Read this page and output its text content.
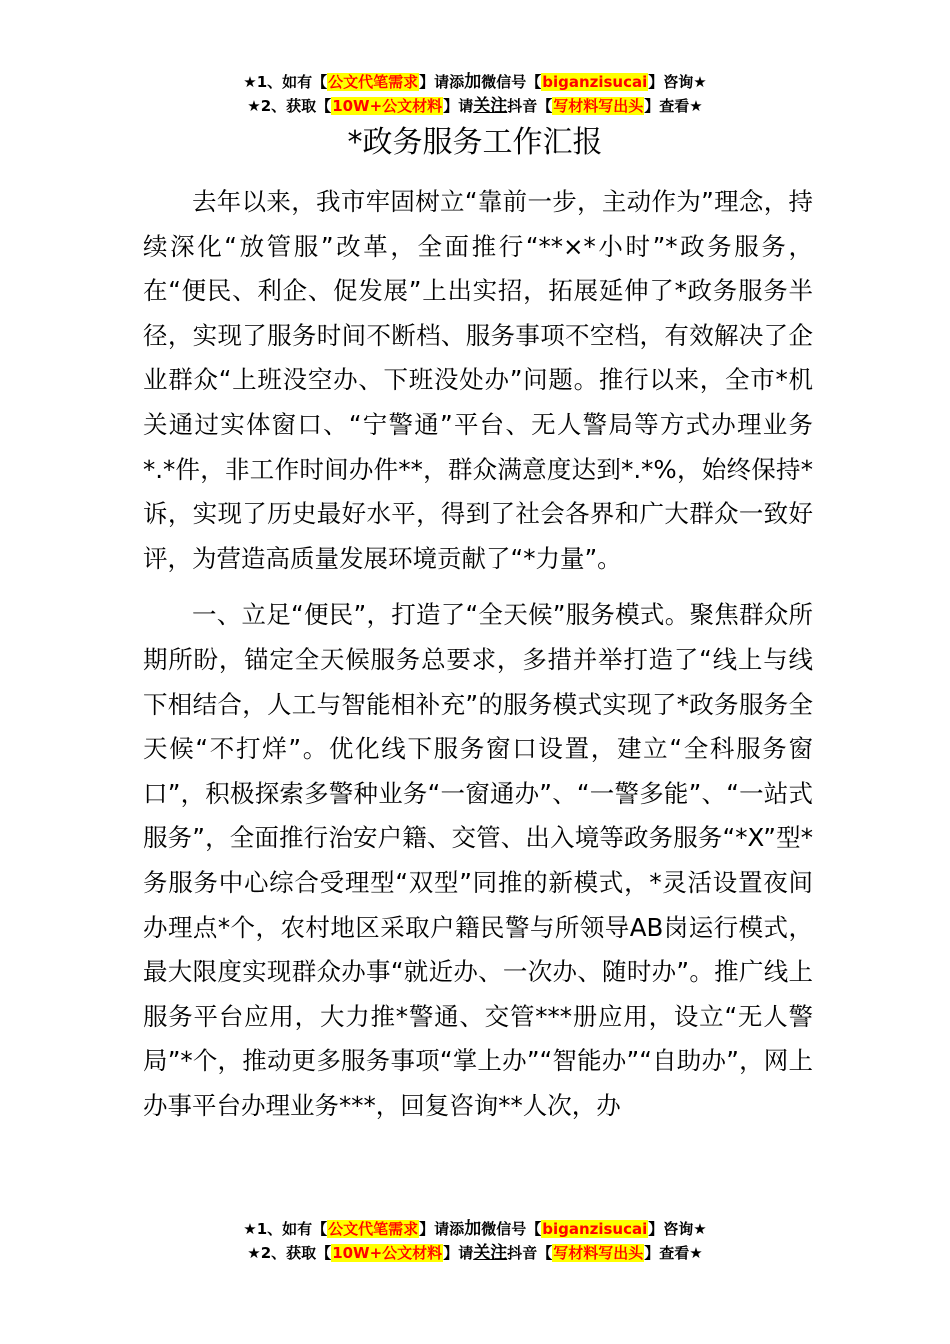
★1、如有【公文代笔需求】请添加微信号【biganzisucai】咨询★
★2、获取【10W+公文材料】请关注抖音【写材料写出头】查看★
*政务服务工作汇报

去年以来，我市牢固树立“靠前一步，主动作为”理念，持续深化“放管服”改革，全面推行“**×*小时”*政务服务，在“便民、利企、促发展”上出实招，拓展延伸了*政务服务半径，实现了服务时间不断档、服务事项不空档，有效解决了企业群众“上班没空办、下班没处办”问题。推行以来，全市*机关通过实体窗口、“宁警通”平台、无人警局等方式办理业务*.*件，非工作时间办件**，群众满意度达到*.*%，始终保持*诉，实现了历史最好水平，得到了社会各界和广大群众一致好评，为营造高质量发展环境贡献了“*力量”。

一、立足“便民”，打造了“全天候”服务模式。聚焦群众所期所盼，锚定全天候服务总要求，多措并举打造了“线上与线下相结合，人工与智能相补充”的服务模式实现了*政务服务全天候“不打烊”。优化线下服务窗口设置，建立“全科服务窗口”，积极探索多警种业务“一窗通办”、“一警多能”、“一站式服务”，全面推行治安户籍、交管、出入境等政务服务“*X”型*务服务中心综合受理型“双型”同推的新模式，*灵活设置夜间办理点*个，农村地区采取户籍民警与所领导AB岗运行模式，最大限度实现群众办事“就近办、一次办、随时办”。推广线上服务平台应用，大力推*警通、交管***册应用，设立“无人警局”*个，推动更多服务事项“掌上办”“智能办”“自助办”，网上办事平台办理业务***，回复咨询**人次，办

★1、如有【公文代笔需求】请添加微信号【biganzisucai】咨询★
★2、获取【10W+公文材料】请关注抖音【写材料写出头】查看★
